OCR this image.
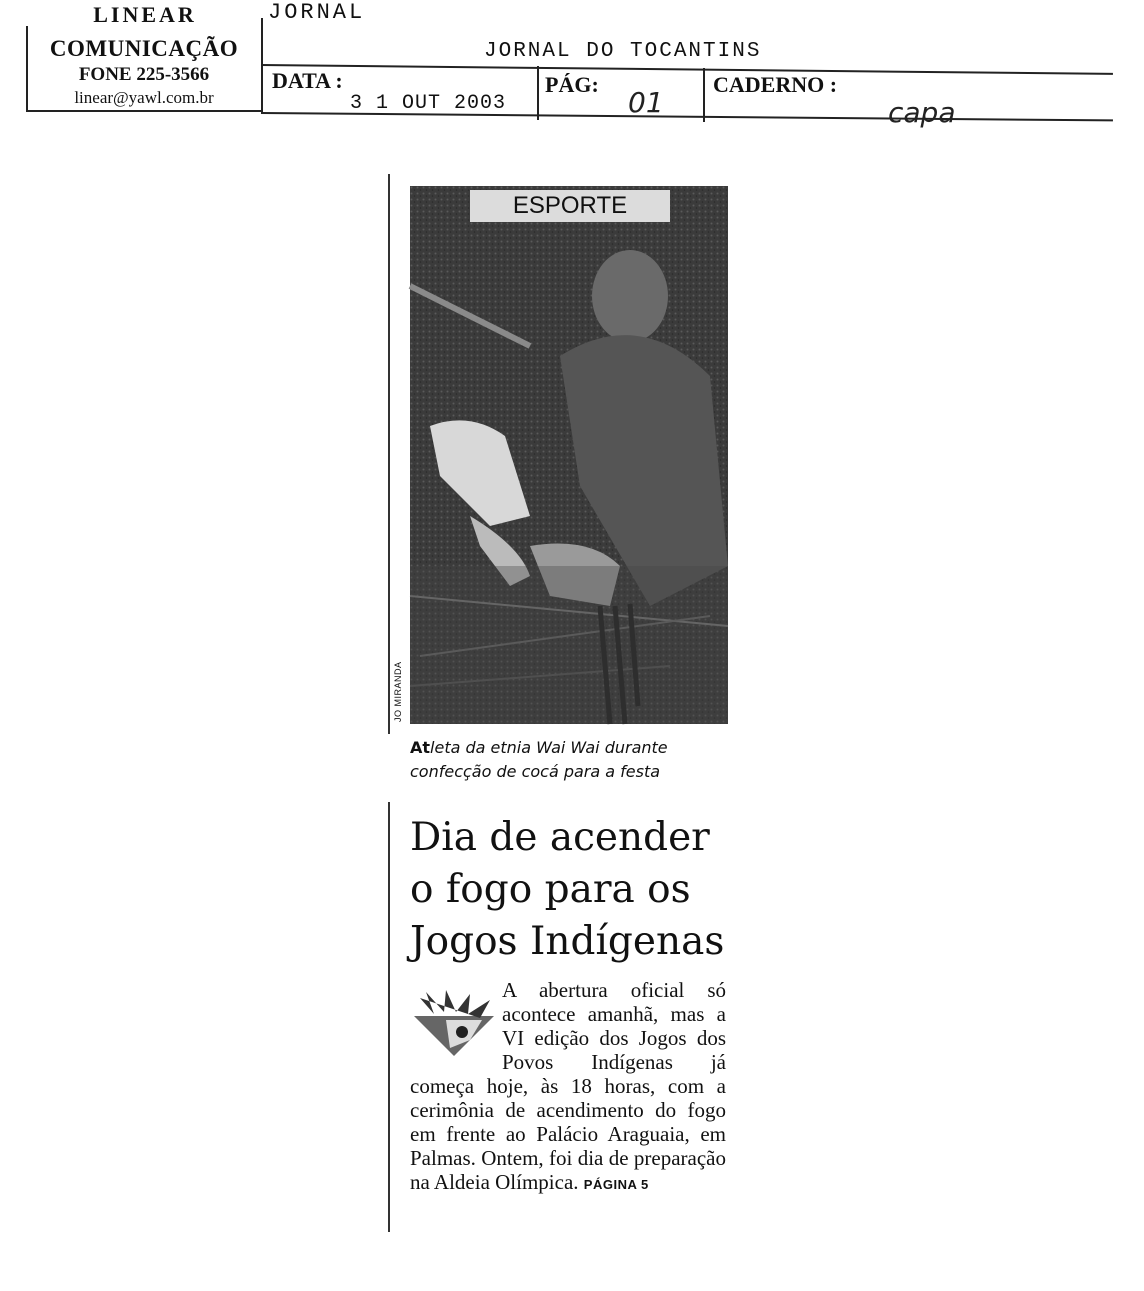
LINEAR
COMUNICAÇÃO
FONE 225-3566
linear@yawl.com.br
JORNAL
JORNAL DO TOCANTINS
DATA :
3 1 OUT 2003
PÁG:
01
CADERNO :
capa
ESPORTE
JO MIRANDA
Atleta da etnia Wai Wai durante confecção de cocá para a festa
Dia de acender o fogo para os Jogos Indígenas
A abertura oficial só acontece amanhã, mas a VI edição dos Jogos dos Povos Indígenas já começa hoje, às 18 horas, com a cerimônia de acendimento do fogo em frente ao Palácio Araguaia, em Palmas. Ontem, foi dia de preparação na Aldeia Olímpica. PÁGINA 5
